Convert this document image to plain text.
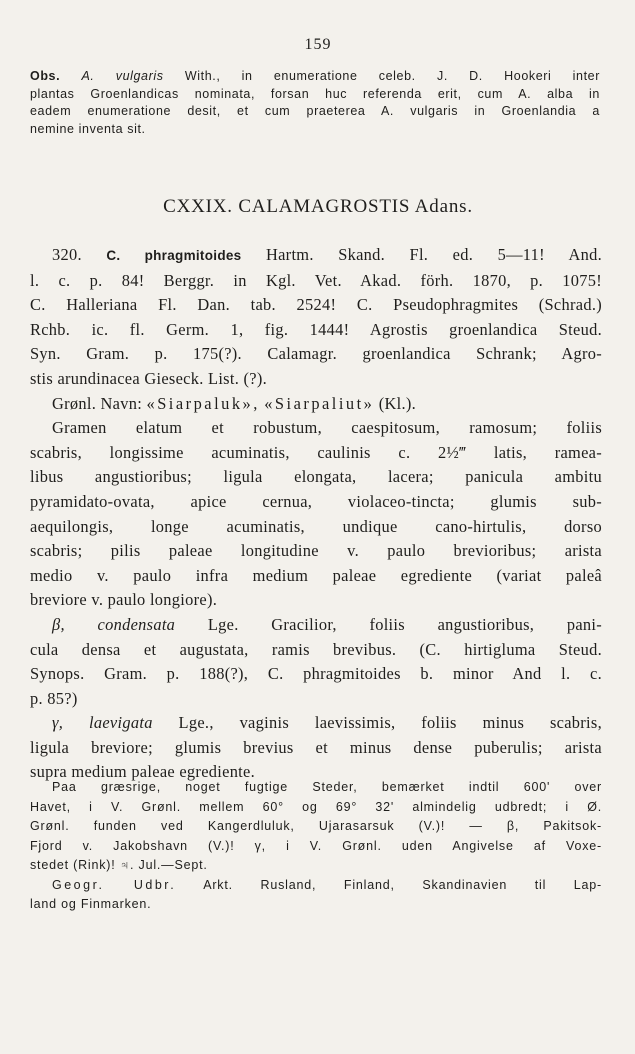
159
Obs. A. vulgaris With., in enumeratione celeb. J. D. Hookeri inter
plantas Groenlandicas nominata, forsan huc referenda erit, cum A. alba in
eadem enumeratione desit, et cum praeterea A. vulgaris in Groenlandia a
nemine inventa sit.
CXXIX. CALAMAGROSTIS Adans.

320. C. phragmitoides Hartm. Skand. Fl. ed. 5—11! And.
l. c. p. 84! Berggr. in Kgl. Vet. Akad. förh. 1870, p. 1075!
C. Halleriana Fl. Dan. tab. 2524! C. Pseudophragmites (Schrad.)
Rchb. ic. fl. Germ. 1, fig. 1444! Agrostis groenlandica Steud.
Syn. Gram. p. 175(?). Calamagr. groenlandica Schrank; Agro-
stis arundinacea Gieseck. List. (?).

Grønl. Navn: «Siarpaluk», «Siarpaliut» (Kl.).

Gramen elatum et robustum, caespitosum, ramosum; foliis
scabris, longissime acuminatis, caulinis c. 2½‴ latis, ramea-
libus angustioribus; ligula elongata, lacera; panicula ambitu
pyramidato-ovata, apice cernua, violaceo-tincta; glumis sub-
aequilongis, longe acuminatis, undique cano-hirtulis, dorso
scabris; pilis paleae longitudine v. paulo brevioribus; arista
medio v. paulo infra medium paleae egrediente (variat paleâ
breviore v. paulo longiore).

β, condensata Lge. Gracilior, foliis angustioribus, pani-
cula densa et augustata, ramis brevibus. (C. hirtigluma Steud.
Synops. Gram. p. 188(?), C. phragmitoides b. minor And l. c.
p. 85?)

γ, laevigata Lge., vaginis laevissimis, foliis minus scabris,
ligula breviore; glumis brevius et minus dense puberulis; arista
supra medium paleae egrediente.

Paa græsrige, noget fugtige Steder, bemærket indtil 600' over
Havet, i V. Grønl. mellem 60° og 69° 32' almindelig udbredt; i Ø.
Grønl. funden ved Kangerdluluk, Ujarasarsuk (V.)! — β, Pakitsok-
Fjord v. Jakobshavn (V.)! γ, i V. Grønl. uden Angivelse af Voxe-
stedet (Rink)! ♃. Jul.—Sept.

Geogr. Udbr. Arkt. Rusland, Finland, Skandinavien til Lap-
land og Finmarken.
